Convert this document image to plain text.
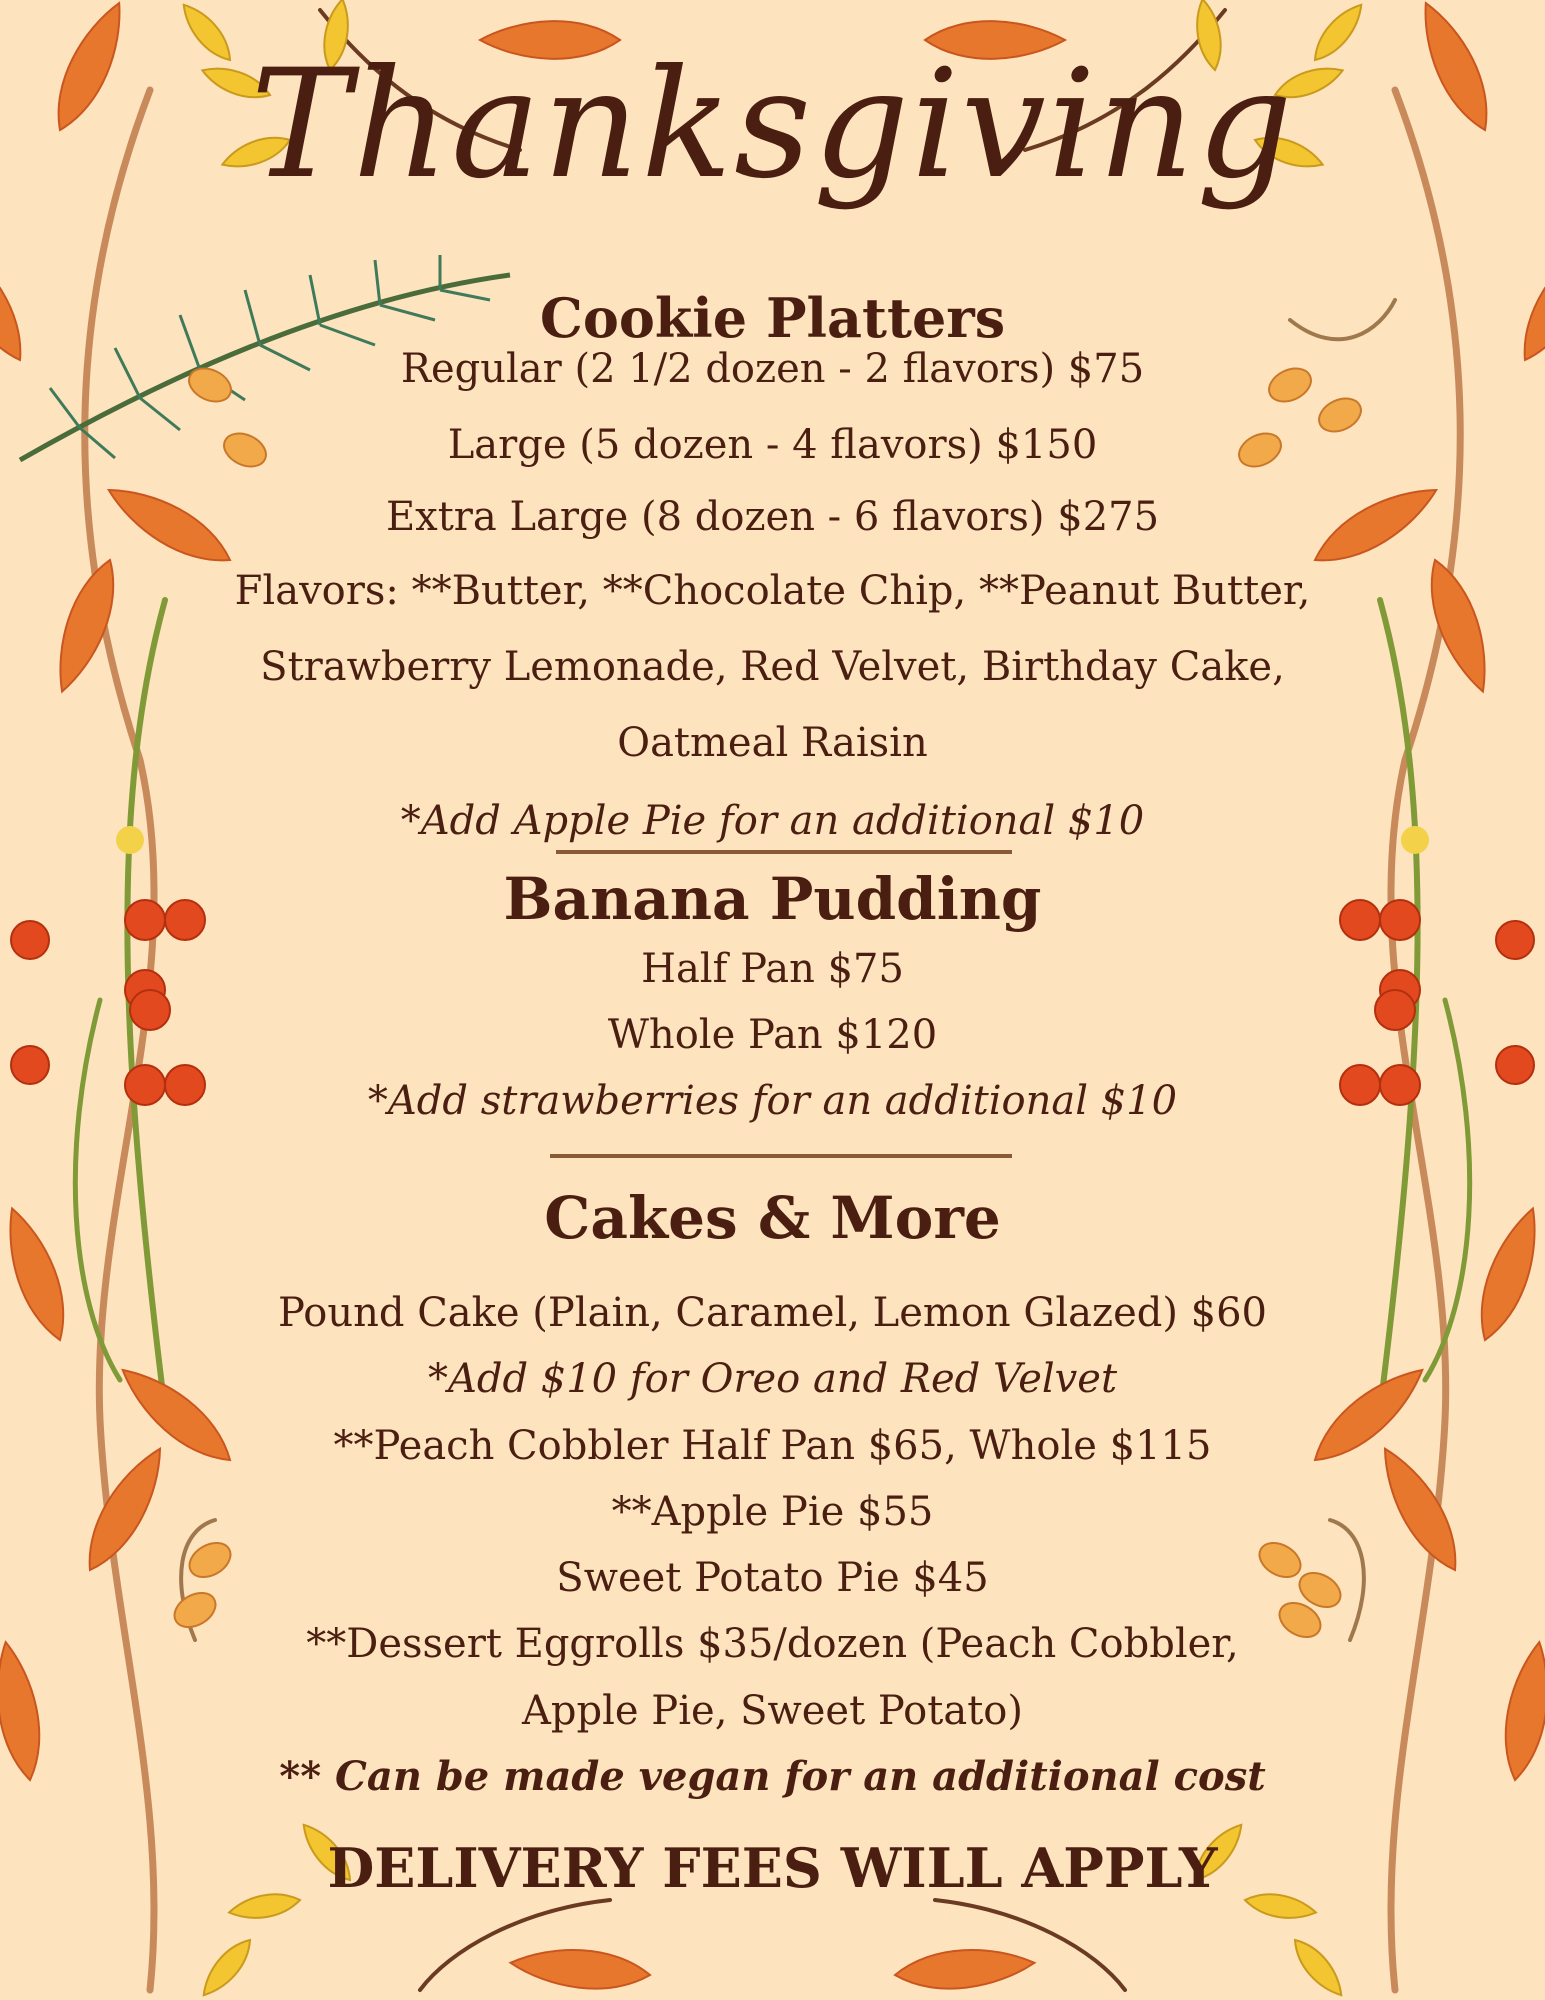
Thanksgiving
Cookie Platters
Regular (2 1/2 dozen - 2 flavors) $75
Large (5 dozen - 4 flavors) $150
Extra Large (8 dozen - 6 flavors) $275
Flavors: **Butter, **Chocolate Chip, **Peanut Butter,
Strawberry Lemonade, Red Velvet, Birthday Cake,
Oatmeal Raisin
*Add Apple Pie for an additional $10
Banana Pudding
Half Pan $75
Whole Pan $120
*Add strawberries for an additional $10
Cakes & More
Pound Cake (Plain, Caramel, Lemon Glazed) $60
*Add $10 for Oreo and Red Velvet
**Peach Cobbler Half Pan $65, Whole $115
**Apple Pie $55
Sweet Potato Pie $45
**Dessert Eggrolls $35/dozen (Peach Cobbler,
Apple Pie, Sweet Potato)
** Can be made vegan for an additional cost
DELIVERY FEES WILL APPLY
